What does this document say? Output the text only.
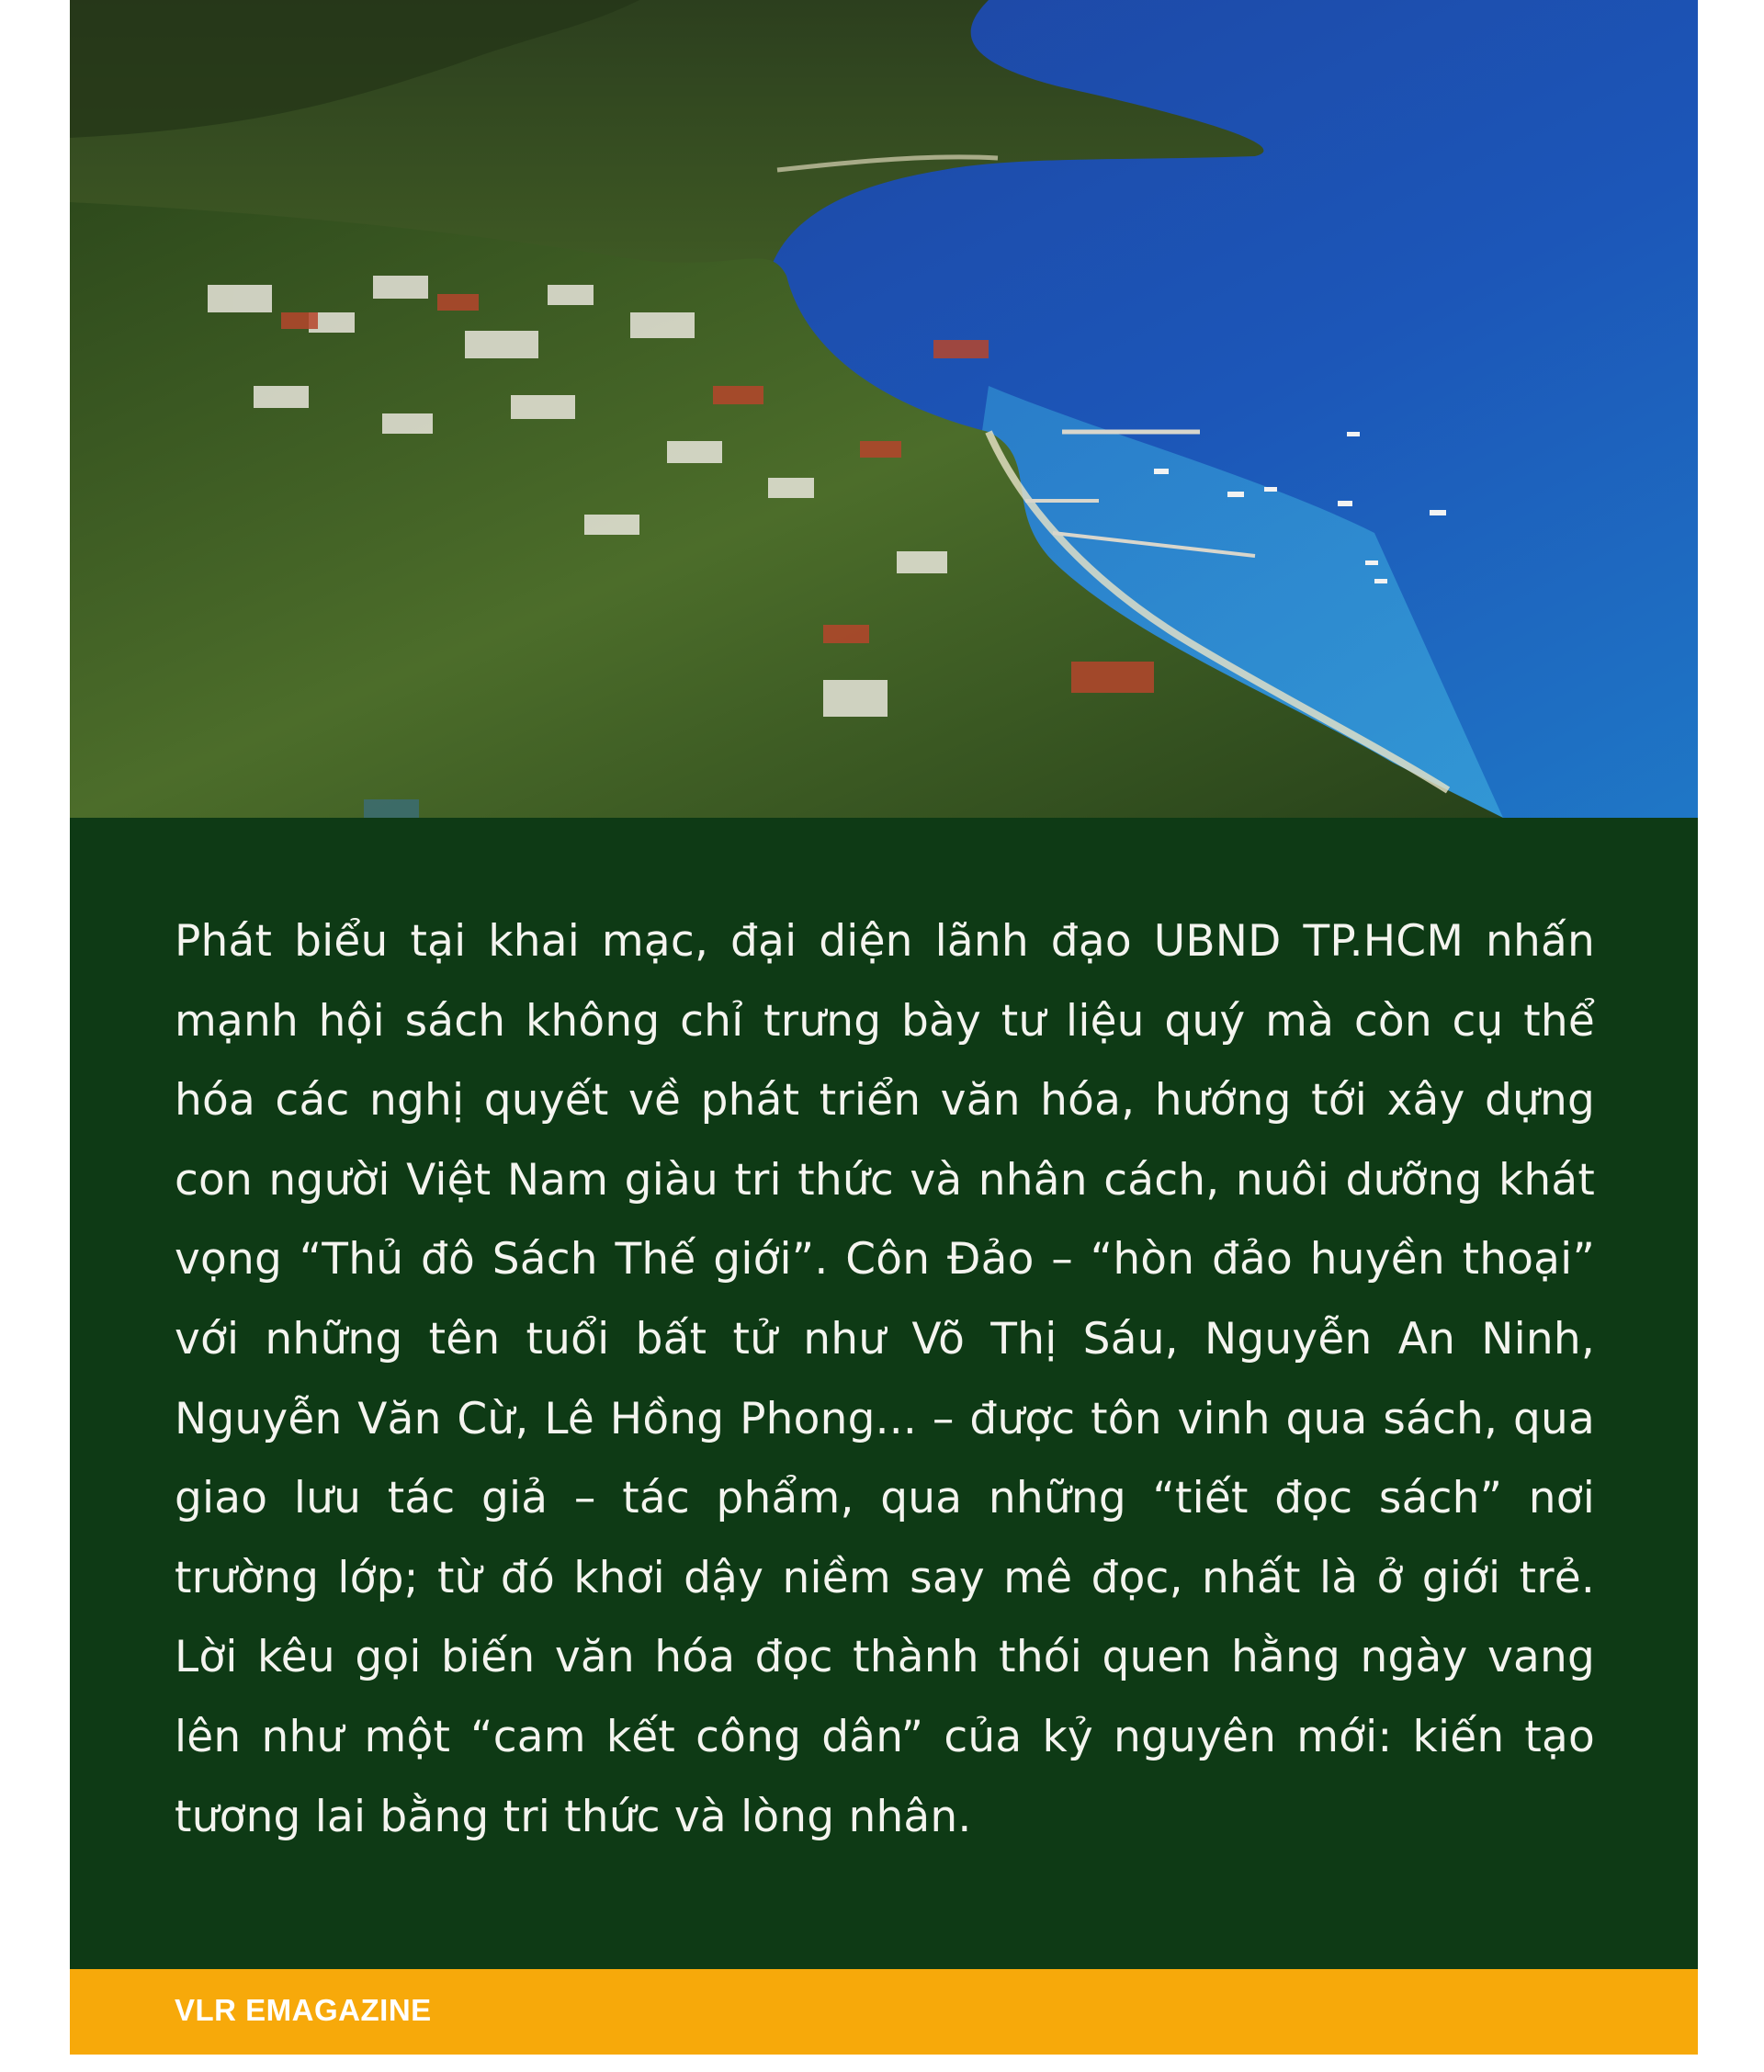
Phát biểu tại khai mạc, đại diện lãnh đạo UBND TP.HCM nhấn mạnh hội sách không chỉ trưng bày tư liệu quý mà còn cụ thể hóa các nghị quyết về phát triển văn hóa, hướng tới xây dựng con người Việt Nam giàu tri thức và nhân cách, nuôi dưỡng khát vọng “Thủ đô Sách Thế giới”. Côn Đảo – “hòn đảo huyền thoại” với những tên tuổi bất tử như Võ Thị Sáu, Nguyễn An Ninh, Nguyễn Văn Cừ, Lê Hồng Phong... – được tôn vinh qua sách, qua giao lưu tác giả – tác phẩm, qua những “tiết đọc sách” nơi trường lớp; từ đó khơi dậy niềm say mê đọc, nhất là ở giới trẻ. Lời kêu gọi biến văn hóa đọc thành thói quen hằng ngày vang lên như một “cam kết công dân” của kỷ nguyên mới: kiến tạo tương lai bằng tri thức và lòng nhân.

VLR EMAGAZINE
